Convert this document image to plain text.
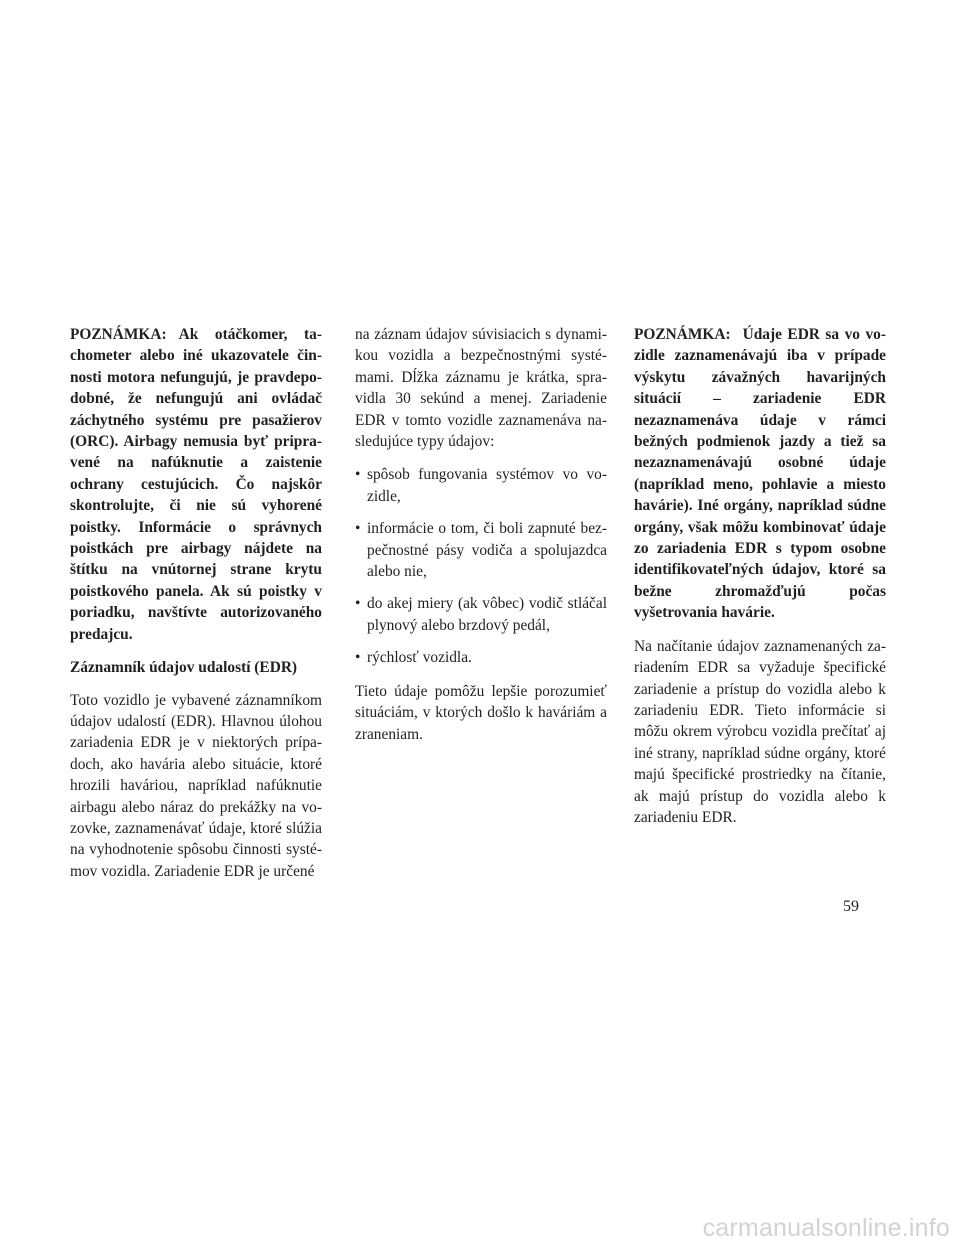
POZNÁMKA: Ak otáčkomer, tachometer alebo iné ukazovatele činnosti motora nefungujú, je pravdepodobné, že nefungujú ani ovládač záchytného systému pre pasažierov (ORC). Airbagy nemusia byť pripravené na nafúknutie a zaistenie ochrany cestujúcich. Čo najskôr skontrolujte, či nie sú vyhorené poistky. Informácie o správnych poistkách pre airbagy nájdete na štítku na vnútornej strane krytu poistkového panela. Ak sú poistky v poriadku, navštívte autorizovaného predajcu.

Záznamník údajov udalostí (EDR)

Toto vozidlo je vybavené záznamníkom údajov udalostí (EDR). Hlavnou úlohou zariadenia EDR je v niektorých prípadoch, ako havária alebo situácie, ktoré hrozili haváriou, napríklad nafúknutie airbagu alebo náraz do prekážky na vozovke, zaznamenávať údaje, ktoré slúžia na vyhodnotenie spôsobu činnosti systémov vozidla. Zariadenie EDR je určené

na záznam údajov súvisiacich s dynamikou vozidla a bezpečnostnými systémami. Dĺžka záznamu je krátka, spravidla 30 sekúnd a menej. Zariadenie EDR v tomto vozidle zaznamenáva nasledujúce typy údajov:

• spôsob fungovania systémov vo vozidle,
• informácie o tom, či boli zapnuté bezpečnostné pásy vodiča a spolujazdca alebo nie,
• do akej miery (ak vôbec) vodič stláčal plynový alebo brzdový pedál,
• rýchlosť vozidla.

Tieto údaje pomôžu lepšie porozumieť situáciám, v ktorých došlo k haváriám a zraneniam.

POZNÁMKA: Údaje EDR sa vo vozidle zaznamenávajú iba v prípade výskytu závažných havarijných situácií – zariadenie EDR nezaznamenáva údaje v rámci bežných podmienok jazdy a tiež sa nezaznamenávajú osobné údaje (napríklad meno, pohlavie a miesto havárie). Iné orgány, napríklad súdne orgány, však môžu kombinovať údaje zo zariadenia EDR s typom osobne identifikovateľných údajov, ktoré sa bežne zhromažďujú počas vyšetrovania havárie.

Na načítanie údajov zaznamenaných zariadením EDR sa vyžaduje špecifické zariadenie a prístup do vozidla alebo k zariadeniu EDR. Tieto informácie si môžu okrem výrobcu vozidla prečítať aj iné strany, napríklad súdne orgány, ktoré majú špecifické prostriedky na čítanie, ak majú prístup do vozidla alebo k zariadeniu EDR.

59
carmanualsonline.info
